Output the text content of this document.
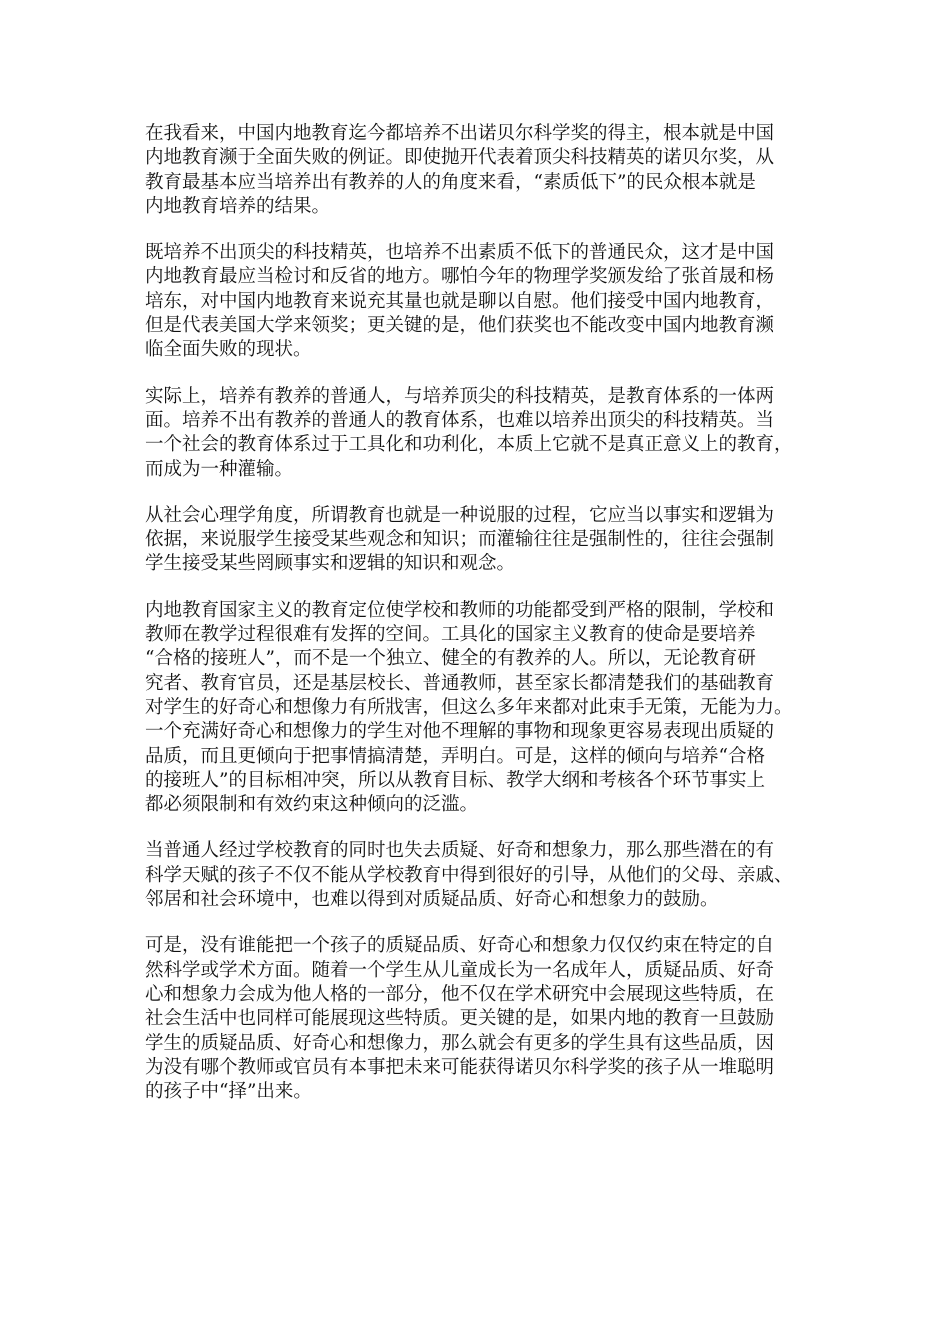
在我看来，中国内地教育迄今都培养不出诺贝尔科学奖的得主，根本就是中国
内地教育濒于全面失败的例证。即使抛开代表着顶尖科技精英的诺贝尔奖，从
教育最基本应当培养出有教养的人的角度来看，“素质低下”的民众根本就是
内地教育培养的结果。

既培养不出顶尖的科技精英，也培养不出素质不低下的普通民众，这才是中国
内地教育最应当检讨和反省的地方。哪怕今年的物理学奖颁发给了张首晟和杨
培东，对中国内地教育来说充其量也就是聊以自慰。他们接受中国内地教育，
但是代表美国大学来领奖；更关键的是，他们获奖也不能改变中国内地教育濒
临全面失败的现状。

实际上，培养有教养的普通人，与培养顶尖的科技精英，是教育体系的一体两
面。培养不出有教养的普通人的教育体系，也难以培养出顶尖的科技精英。当
一个社会的教育体系过于工具化和功利化，本质上它就不是真正意义上的教育，
而成为一种灌输。

从社会心理学角度，所谓教育也就是一种说服的过程，它应当以事实和逻辑为
依据，来说服学生接受某些观念和知识；而灌输往往是强制性的，往往会强制
学生接受某些罔顾事实和逻辑的知识和观念。

内地教育国家主义的教育定位使学校和教师的功能都受到严格的限制，学校和
教师在教学过程很难有发挥的空间。工具化的国家主义教育的使命是要培养
“合格的接班人”，而不是一个独立、健全的有教养的人。所以，无论教育研
究者、教育官员，还是基层校长、普通教师，甚至家长都清楚我们的基础教育
对学生的好奇心和想像力有所戕害，但这么多年来都对此束手无策，无能为力。
一个充满好奇心和想像力的学生对他不理解的事物和现象更容易表现出质疑的
品质，而且更倾向于把事情搞清楚，弄明白。可是，这样的倾向与培养“合格
的接班人”的目标相冲突，所以从教育目标、教学大纲和考核各个环节事实上
都必须限制和有效约束这种倾向的泛滥。

当普通人经过学校教育的同时也失去质疑、好奇和想象力，那么那些潜在的有
科学天赋的孩子不仅不能从学校教育中得到很好的引导，从他们的父母、亲戚、
邻居和社会环境中，也难以得到对质疑品质、好奇心和想象力的鼓励。

可是，没有谁能把一个孩子的质疑品质、好奇心和想象力仅仅约束在特定的自
然科学或学术方面。随着一个学生从儿童成长为一名成年人，质疑品质、好奇
心和想象力会成为他人格的一部分，他不仅在学术研究中会展现这些特质，在
社会生活中也同样可能展现这些特质。更关键的是，如果内地的教育一旦鼓励
学生的质疑品质、好奇心和想像力，那么就会有更多的学生具有这些品质，因
为没有哪个教师或官员有本事把未来可能获得诺贝尔科学奖的孩子从一堆聪明
的孩子中“择”出来。
